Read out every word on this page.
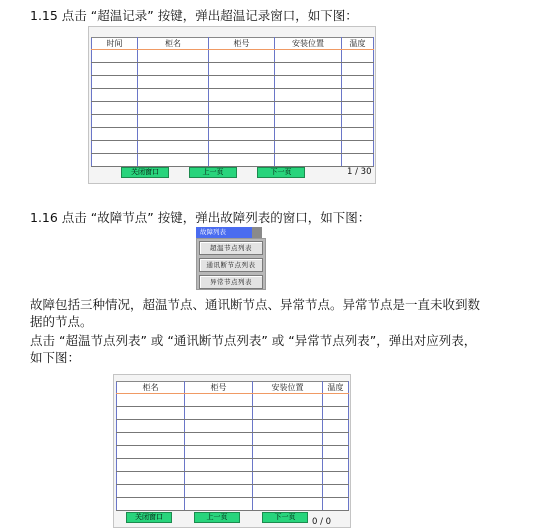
1.15 点击 “超温记录” 按键，弹出超温记录窗口，如下图：
时间	柜名	柜号	安装位置	温度

关闭窗口	上一页	下一页	1 / 30
1.16 点击 “故障节点” 按键，弹出故障列表的窗口，如下图：
故障列表
超温节点列表
通讯断节点列表
异常节点列表
故障包括三种情况，超温节点、通讯断节点、异常节点。异常节点是一直未收到数据的节点。
点击 “超温节点列表” 或 “通讯断节点列表” 或 “异常节点列表”，弹出对应列表，如下图：
柜名	柜号	安装位置	温度

关闭窗口	上一页	下一页	0 / 0
